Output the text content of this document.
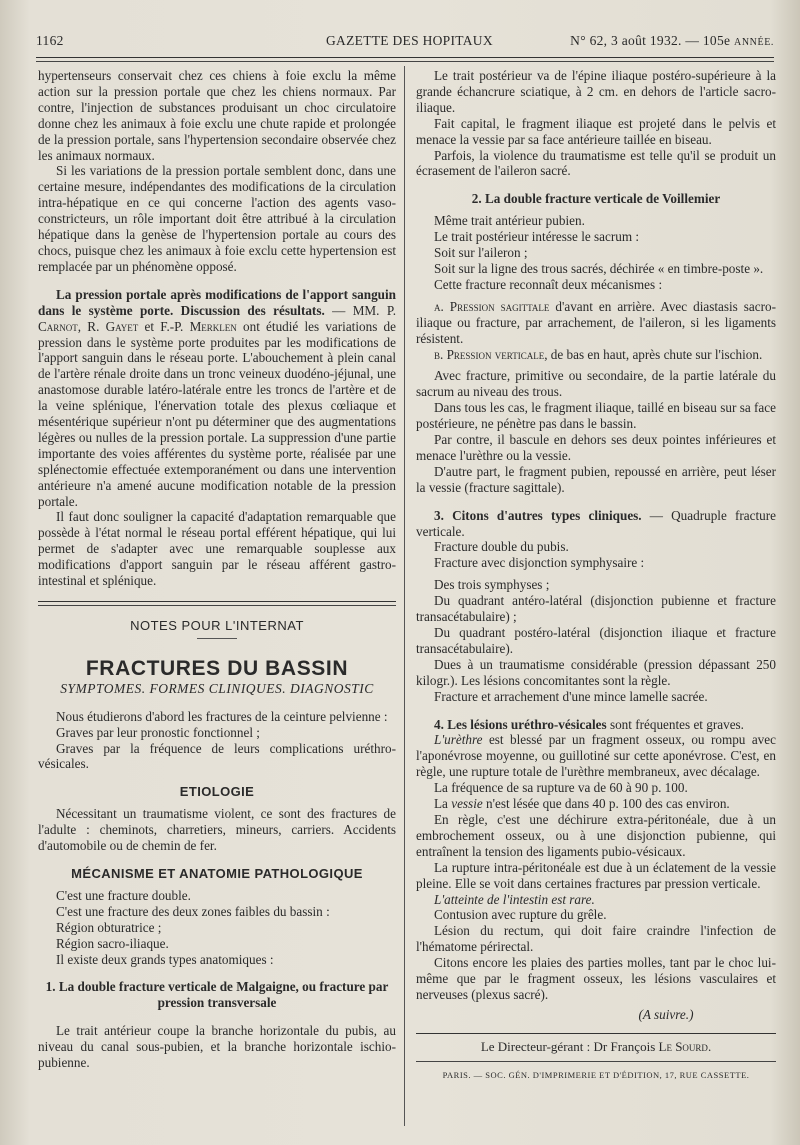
1162	GAZETTE DES HOPITAUX	N° 62, 3 août 1932. — 105e ANNÉE.

hypertenseurs conservait chez ces chiens à foie exclu la même action sur la pression portale que chez les chiens normaux. Par contre, l'injection de substances produisant un choc circulatoire donne chez les animaux à foie exclu une chute rapide et prolongée de la pression portale, sans l'hypertension secondaire observée chez les animaux normaux.

Si les variations de la pression portale semblent donc, dans une certaine mesure, indépendantes des modifications de la circulation intra-hépatique en ce qui concerne l'action des agents vaso-constricteurs, un rôle important doit être attribué à la circulation hépatique dans la genèse de l'hypertension portale au cours des chocs, puisque chez les animaux à foie exclu cette hypertension est remplacée par un phénomène opposé.

La pression portale après modifications de l'apport sanguin dans le système porte. Discussion des résultats. — MM. P. Carnot, R. Gayet et F.-P. Merklen ont étudié les variations de pression dans le système porte produites par les modifications de l'apport sanguin dans le réseau porte. L'abouchement à plein canal de l'artère rénale droite dans un tronc veineux duodéno-jéjunal, une anastomose durable latéro-latérale entre les troncs de l'artère et de la veine splénique, l'énervation totale des plexus cœliaque et mésentérique supérieur n'ont pu déterminer que des augmentations légères ou nulles de la pression portale. La suppression d'une partie importante des voies afférentes du système porte, réalisée par une splénectomie effectuée extemporanément ou dans une intervention antérieure n'a amené aucune modification notable de la pression portale.

Il faut donc souligner la capacité d'adaptation remarquable que possède à l'état normal le réseau portal efférent hépatique, qui lui permet de s'adapter avec une remarquable souplesse aux modifications d'apport sanguin par le réseau afférent gastro-intestinal et splénique.

NOTES POUR L'INTERNAT
FRACTURES DU BASSIN
SYMPTOMES. FORMES CLINIQUES. DIAGNOSTIC

Nous étudierons d'abord les fractures de la ceinture pelvienne :

Graves par leur pronostic fonctionnel ;

Graves par la fréquence de leurs complications uréthro-vésicales.

ETIOLOGIE

Nécessitant un traumatisme violent, ce sont des fractures de l'adulte : cheminots, charretiers, mineurs, carriers. Accidents d'automobile ou de chemin de fer.

MÉCANISME ET ANATOMIE PATHOLOGIQUE

C'est une fracture double.

C'est une fracture des deux zones faibles du bassin :

Région obturatrice ;

Région sacro-iliaque.

Il existe deux grands types anatomiques :

1. La double fracture verticale de Malgaigne, ou fracture par pression transversale

Le trait antérieur coupe la branche horizontale du pubis, au niveau du canal sous-pubien, et la branche horizontale ischio-pubienne.

Le trait postérieur va de l'épine iliaque postéro-supérieure à la grande échancrure sciatique, à 2 cm. en dehors de l'article sacro-iliaque.

Fait capital, le fragment iliaque est projeté dans le pelvis et menace la vessie par sa face antérieure taillée en biseau.

Parfois, la violence du traumatisme est telle qu'il se produit un écrasement de l'aileron sacré.

2. La double fracture verticale de Voillemier

Même trait antérieur pubien.

Le trait postérieur intéresse le sacrum :

Soit sur l'aileron ;

Soit sur la ligne des trous sacrés, déchirée « en timbre-poste ».

Cette fracture reconnaît deux mécanismes :

a. Pression sagittale d'avant en arrière. Avec diastasis sacro-iliaque ou fracture, par arrachement, de l'aileron, si les ligaments résistent.

b. Pression verticale, de bas en haut, après chute sur l'ischion.

Avec fracture, primitive ou secondaire, de la partie latérale du sacrum au niveau des trous.

Dans tous les cas, le fragment iliaque, taillé en biseau sur sa face postérieure, ne pénètre pas dans le bassin.

Par contre, il bascule en dehors ses deux pointes inférieures et menace l'urèthre ou la vessie.

D'autre part, le fragment pubien, repoussé en arrière, peut léser la vessie (fracture sagittale).

3. Citons d'autres types cliniques. — Quadruple fracture verticale.

Fracture double du pubis.

Fracture avec disjonction symphysaire :

Des trois symphyses ;

Du quadrant antéro-latéral (disjonction pubienne et fracture transacétabulaire) ;

Du quadrant postéro-latéral (disjonction iliaque et fracture transacétabulaire).

Dues à un traumatisme considérable (pression dépassant 250 kilogr.). Les lésions concomitantes sont la règle.

Fracture et arrachement d'une mince lamelle sacrée.

4. Les lésions uréthro-vésicales sont fréquentes et graves.

L'urèthre est blessé par un fragment osseux, ou rompu avec l'aponévrose moyenne, ou guillotiné sur cette aponévrose. C'est, en règle, une rupture totale de l'urèthre membraneux, avec décalage.

La fréquence de sa rupture va de 60 à 90 p. 100.

La vessie n'est lésée que dans 40 p. 100 des cas environ.

En règle, c'est une déchirure extra-péritonéale, due à un embrochement osseux, ou à une disjonction pubienne, qui entraînent la tension des ligaments pubio-vésicaux.

La rupture intra-péritonéale est due à un éclatement de la vessie pleine. Elle se voit dans certaines fractures par pression verticale.

L'atteinte de l'intestin est rare.

Contusion avec rupture du grêle.

Lésion du rectum, qui doit faire craindre l'infection de l'hématome périrectal.

Citons encore les plaies des parties molles, tant par le choc lui-même que par le fragment osseux, les lésions vasculaires et nerveuses (plexus sacré).

(A suivre.)

Le Directeur-gérant : Dr François Le Sourd.
PARIS. — SOC. GÉN. D'IMPRIMERIE ET D'ÉDITION, 17, RUE CASSETTE.
